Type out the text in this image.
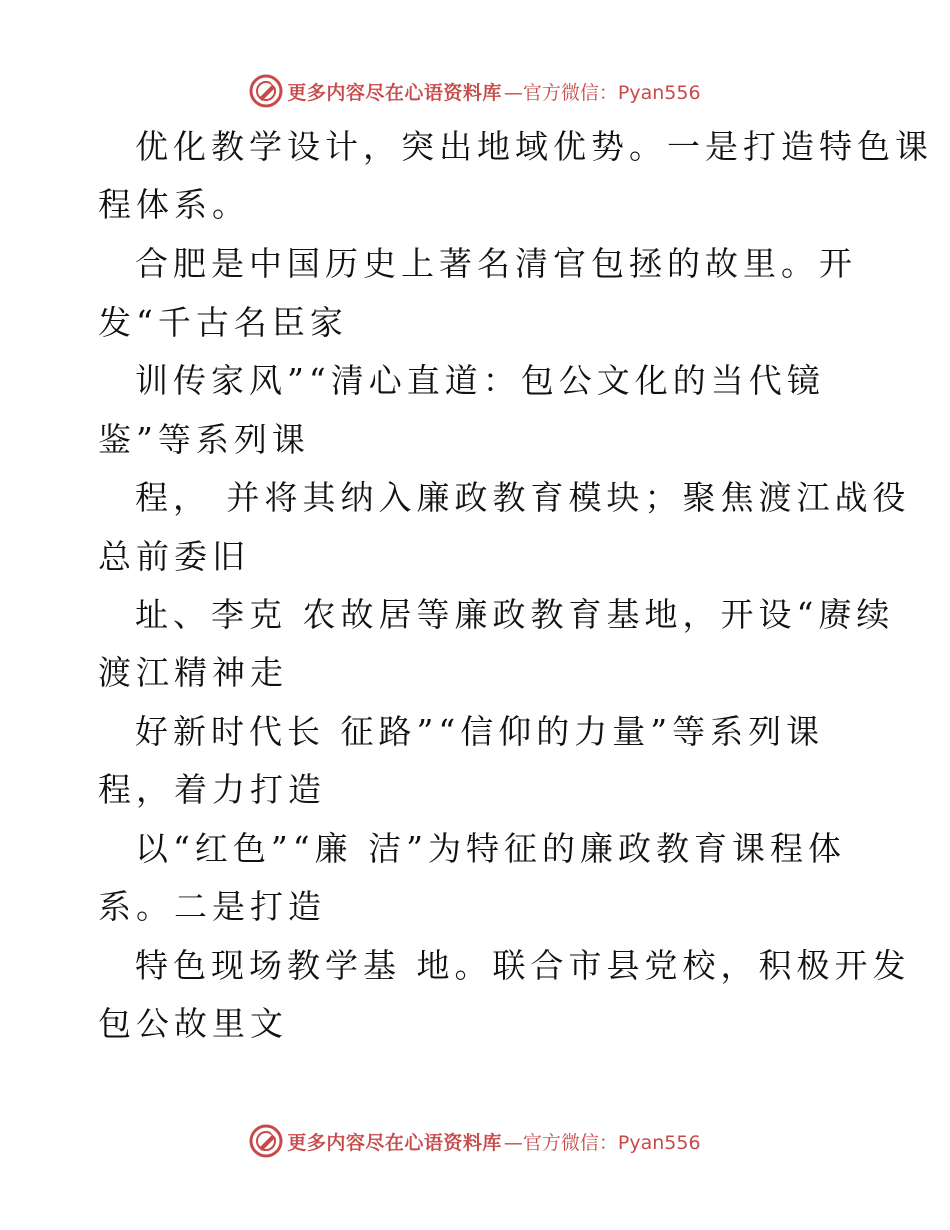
更多内容尽在心语资料库 —官方微信：Pyan556
优化教学设计，突出地域优势。一是打造特色课
程体系。
合肥是中国历史上著名清官包拯的故里。开
发“千古名臣家
训传家风”“清心直道：包公文化的当代镜
鉴”等系列课
程， 并将其纳入廉政教育模块；聚焦渡江战役
总前委旧
址、李克 农故居等廉政教育基地，开设“赓续
渡江精神走
好新时代长 征路”“信仰的力量”等系列课
程，着力打造
以“红色”“廉 洁”为特征的廉政教育课程体
系。二是打造
特色现场教学基 地。联合市县党校，积极开发
包公故里文
更多内容尽在心语资料库 —官方微信：Pyan556
